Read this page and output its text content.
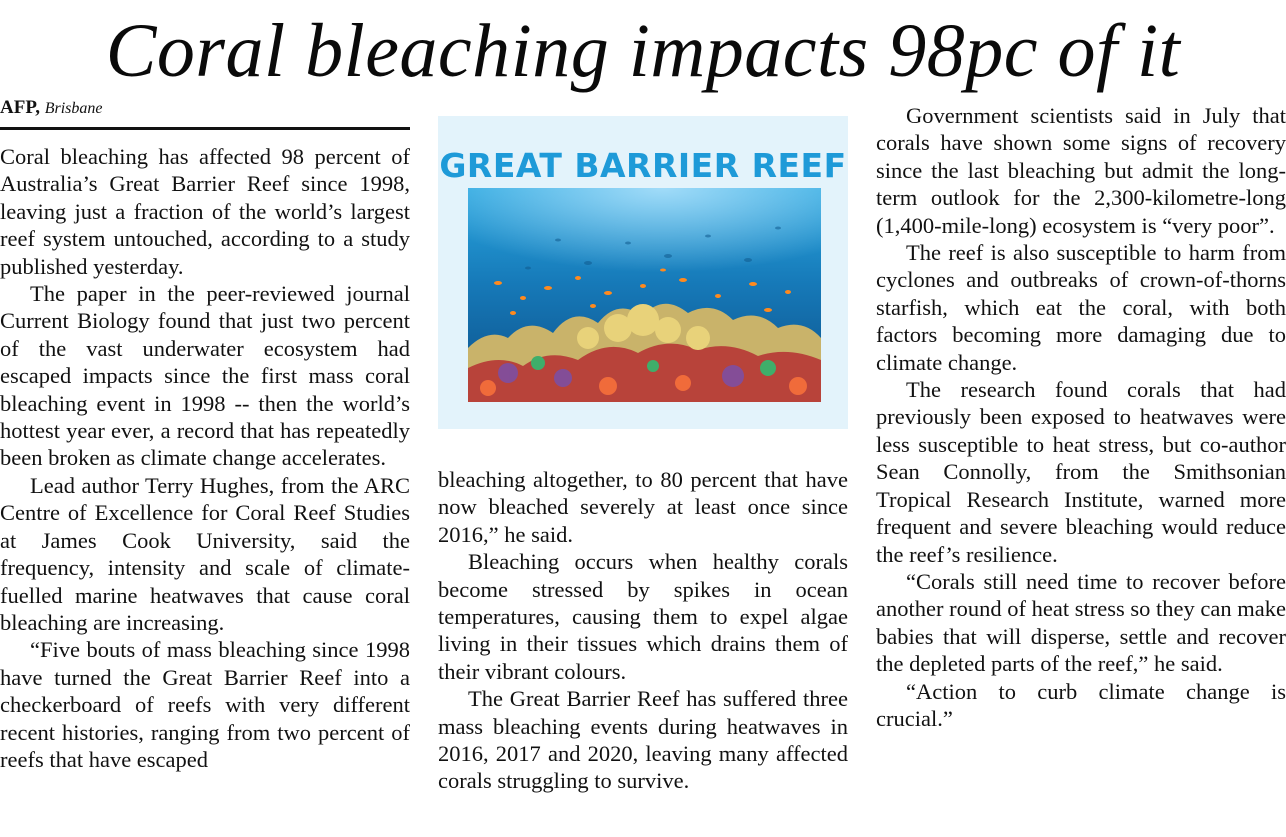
Coral bleaching impacts 98pc of it
AFP, Brisbane

Coral bleaching has affected 98 percent of Australia’s Great Barrier Reef since 1998, leaving just a fraction of the world’s largest reef system untouched, according to a study published yesterday.

The paper in the peer-reviewed journal Current Biology found that just two percent of the vast underwater ecosystem had escaped impacts since the first mass coral bleaching event in 1998 -- then the world’s hottest year ever, a record that has repeatedly been broken as climate change accelerates.

Lead author Terry Hughes, from the ARC Centre of Excellence for Coral Reef Studies at James Cook University, said the frequency, intensity and scale of climate-fuelled marine heatwaves that cause coral bleaching are increasing.

“Five bouts of mass bleaching since 1998 have turned the Great Barrier Reef into a checkerboard of reefs with very different recent histories, ranging from two percent of reefs that have escaped

GREAT BARRIER REEF

bleaching altogether, to 80 percent that have now bleached severely at least once since 2016,” he said.

Bleaching occurs when healthy corals become stressed by spikes in ocean temperatures, causing them to expel algae living in their tissues which drains them of their vibrant colours.

The Great Barrier Reef has suffered three mass bleaching events during heatwaves in 2016, 2017 and 2020, leaving many affected corals struggling to survive.

Government scientists said in July that corals have shown some signs of recovery since the last bleaching but admit the long-term outlook for the 2,300-kilometre-long (1,400-mile-long) ecosystem is “very poor”.

The reef is also susceptible to harm from cyclones and outbreaks of crown-of-thorns starfish, which eat the coral, with both factors becoming more damaging due to climate change.

The research found corals that had previously been exposed to heatwaves were less susceptible to heat stress, but co-author Sean Connolly, from the Smithsonian Tropical Research Institute, warned more frequent and severe bleaching would reduce the reef’s resilience.

“Corals still need time to recover before another round of heat stress so they can make babies that will disperse, settle and recover the depleted parts of the reef,” he said.

“Action to curb climate change is crucial.”
